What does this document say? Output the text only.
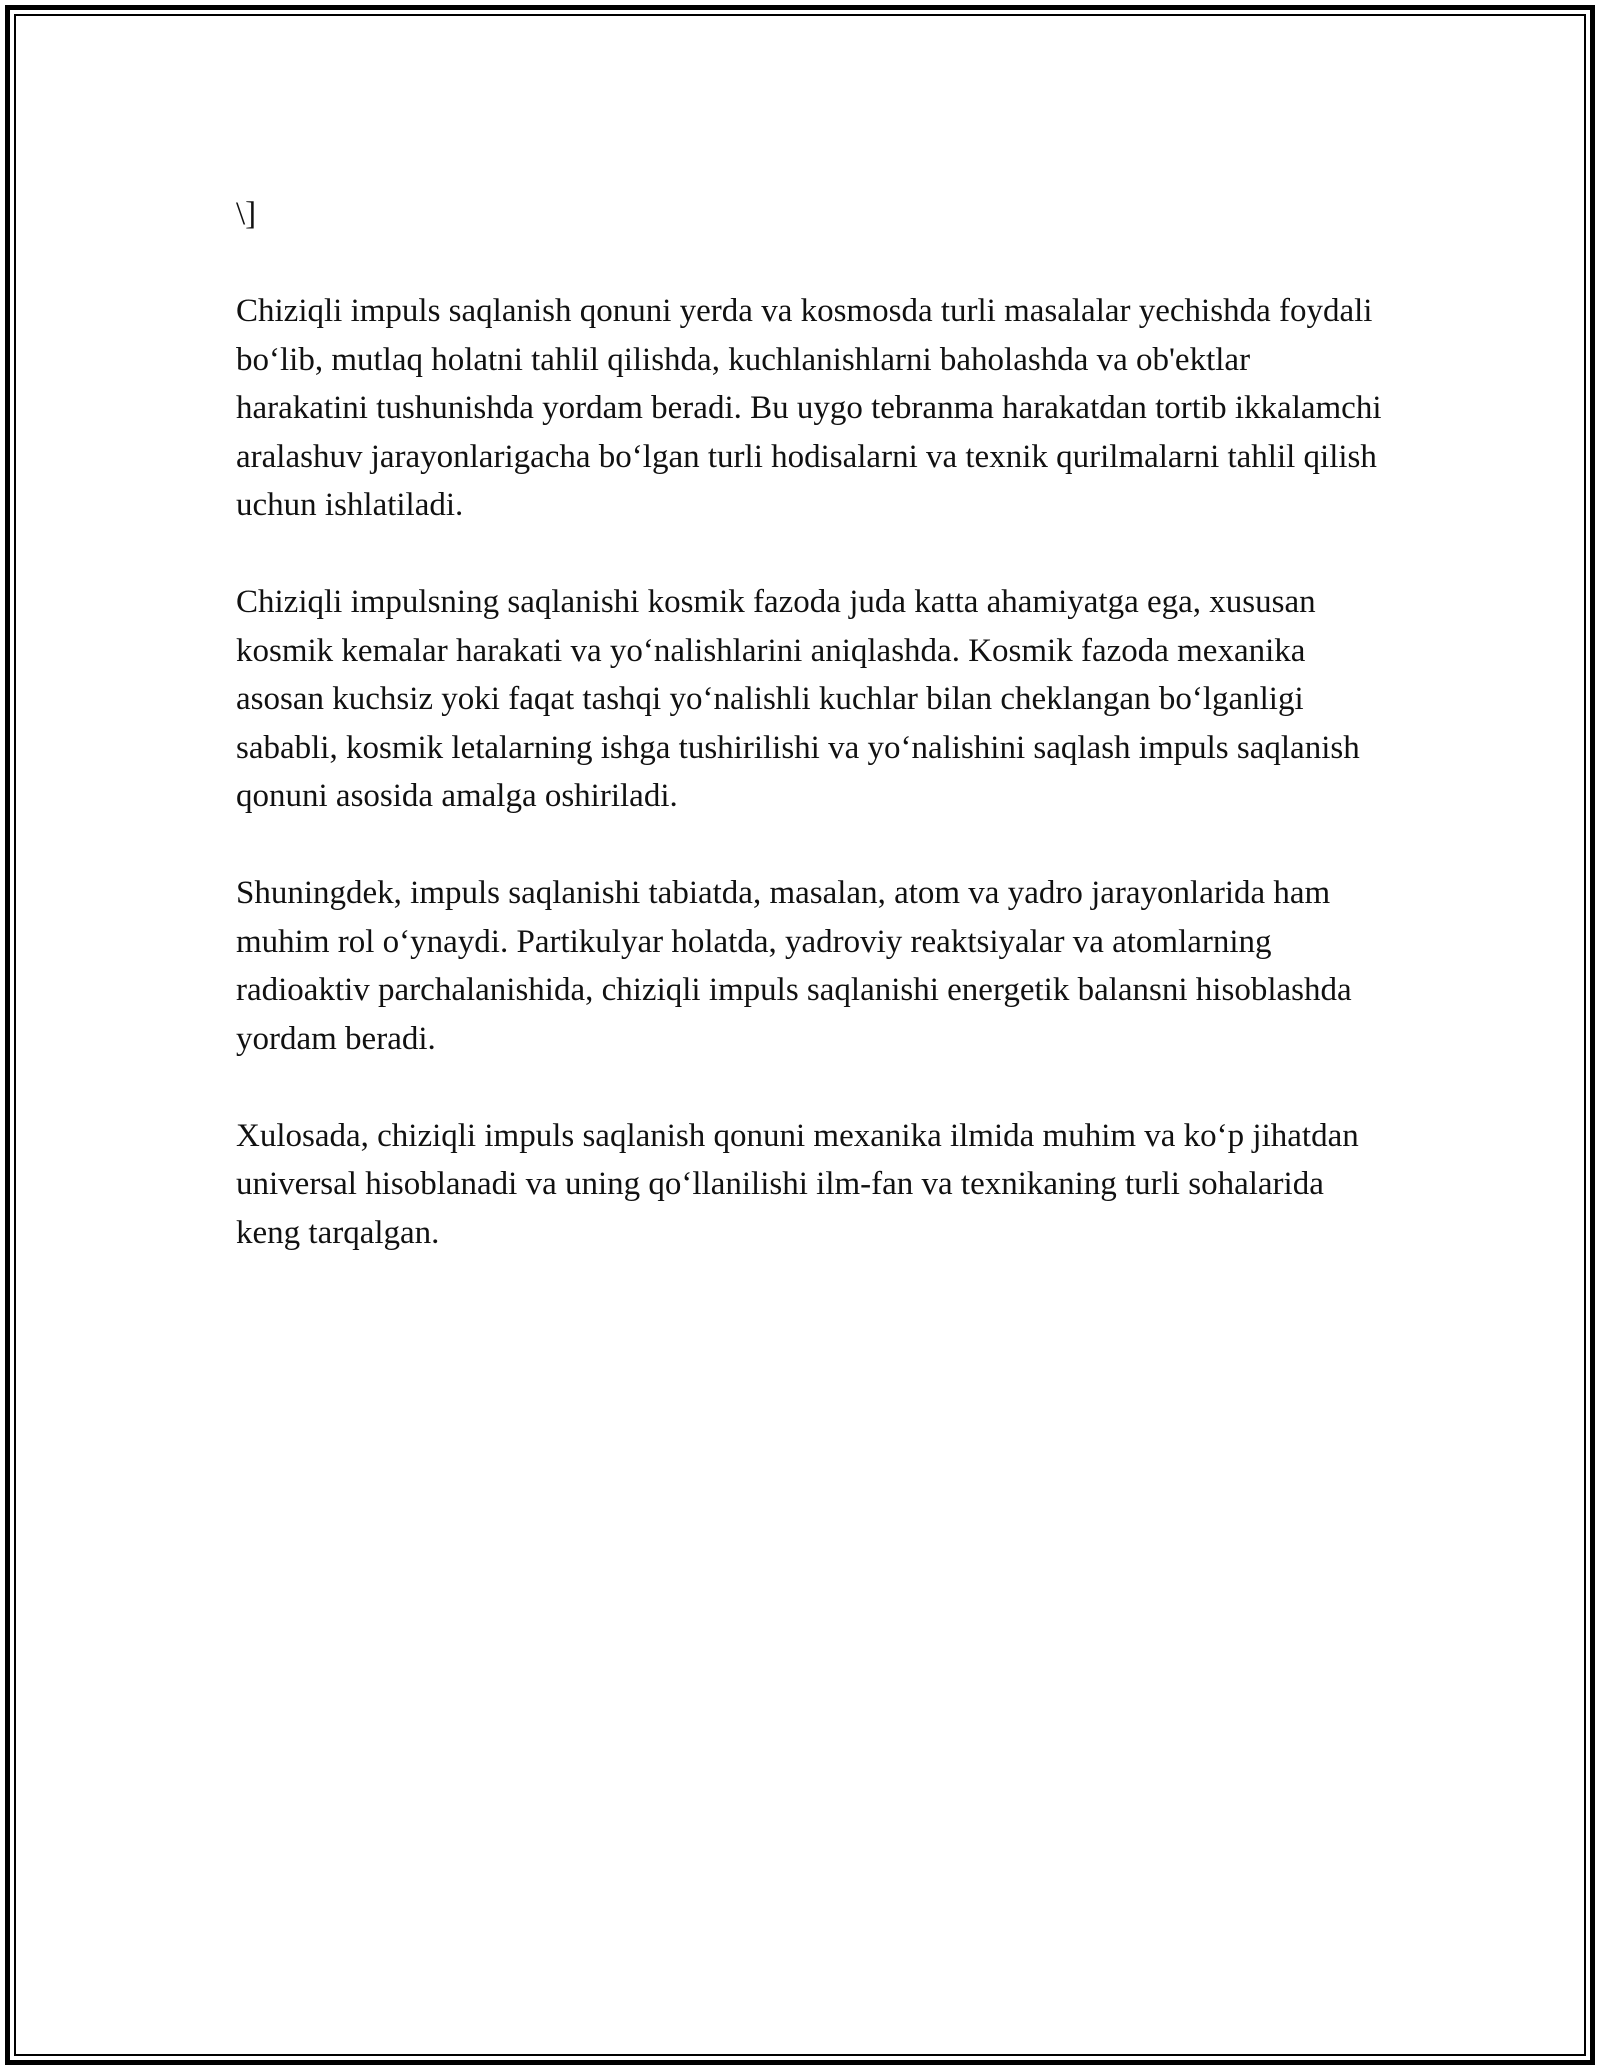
\]

Chiziqli impuls saqlanish qonuni yerda va kosmosda turli masalalar yechishda foydali bo‘lib, mutlaq holatni tahlil qilishda, kuchlanishlarni baholashda va ob'ektlar harakatini tushunishda yordam beradi. Bu uygo tebranma harakatdan tortib ikkalamchi aralashuv jarayonlarigacha bo‘lgan turli hodisalarni va texnik qurilmalarni tahlil qilish uchun ishlatiladi.

Chiziqli impulsning saqlanishi kosmik fazoda juda katta ahamiyatga ega, xususan kosmik kemalar harakati va yo‘nalishlarini aniqlashda. Kosmik fazoda mexanika asosan kuchsiz yoki faqat tashqi yo‘nalishli kuchlar bilan cheklangan bo‘lganligi sababli, kosmik letalarning ishga tushirilishi va yo‘nalishini saqlash impuls saqlanish qonuni asosida amalga oshiriladi.

Shuningdek, impuls saqlanishi tabiatda, masalan, atom va yadro jarayonlarida ham muhim rol o‘ynaydi. Partikulyar holatda, yadroviy reaktsiyalar va atomlarning radioaktiv parchalanishida, chiziqli impuls saqlanishi energetik balansni hisoblashda yordam beradi.

Xulosada, chiziqli impuls saqlanish qonuni mexanika ilmida muhim va ko‘p jihatdan universal hisoblanadi va uning qo‘llanilishi ilm-fan va texnikaning turli sohalarida keng tarqalgan.
